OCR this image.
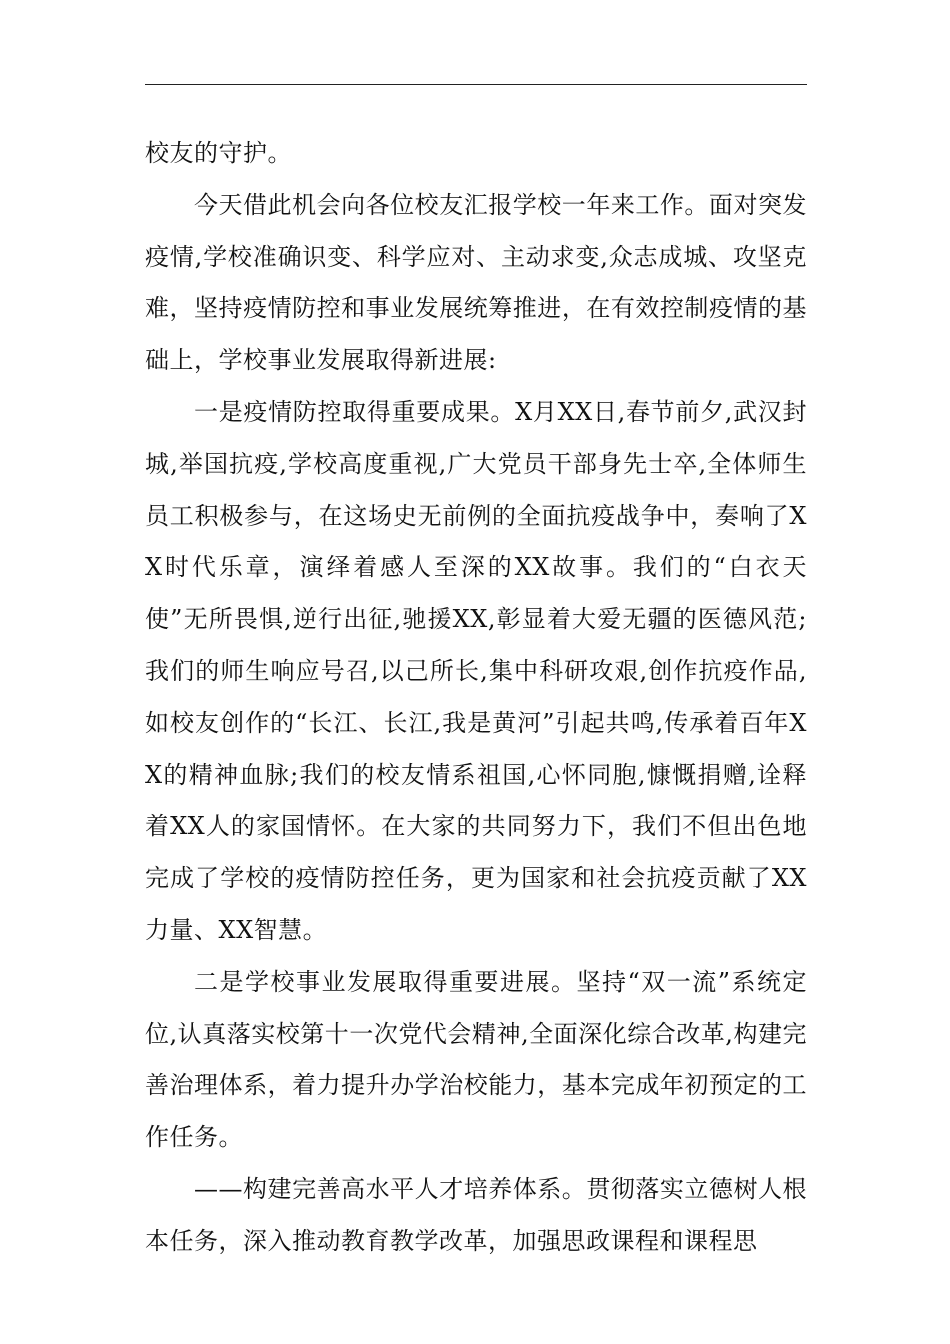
校友的守护。

今天借此机会向各位校友汇报学校一年来工作。面对突发疫情,学校准确识变、科学应对、主动求变,众志成城、攻坚克难，坚持疫情防控和事业发展统筹推进，在有效控制疫情的基础上，学校事业发展取得新进展:

一是疫情防控取得重要成果。X月XX日,春节前夕,武汉封城,举国抗疫,学校高度重视,广大党员干部身先士卒,全体师生员工积极参与，在这场史无前例的全面抗疫战争中，奏响了XX时代乐章，演绎着感人至深的XX故事。我们的“白衣天使”无所畏惧,逆行出征,驰援XX,彰显着大爱无疆的医德风范;我们的师生响应号召,以己所长,集中科研攻艰,创作抗疫作品,如校友创作的“长江、长江,我是黄河”引起共鸣,传承着百年XX的精神血脉;我们的校友情系祖国,心怀同胞,慷慨捐赠,诠释着XX人的家国情怀。在大家的共同努力下，我们不但出色地完成了学校的疫情防控任务，更为国家和社会抗疫贡献了XX力量、XX智慧。

二是学校事业发展取得重要进展。坚持“双一流”系统定位,认真落实校第十一次党代会精神,全面深化综合改革,构建完善治理体系，着力提升办学治校能力，基本完成年初预定的工作任务。

——构建完善高水平人才培养体系。贯彻落实立德树人根本任务，深入推动教育教学改革，加强思政课程和课程思
